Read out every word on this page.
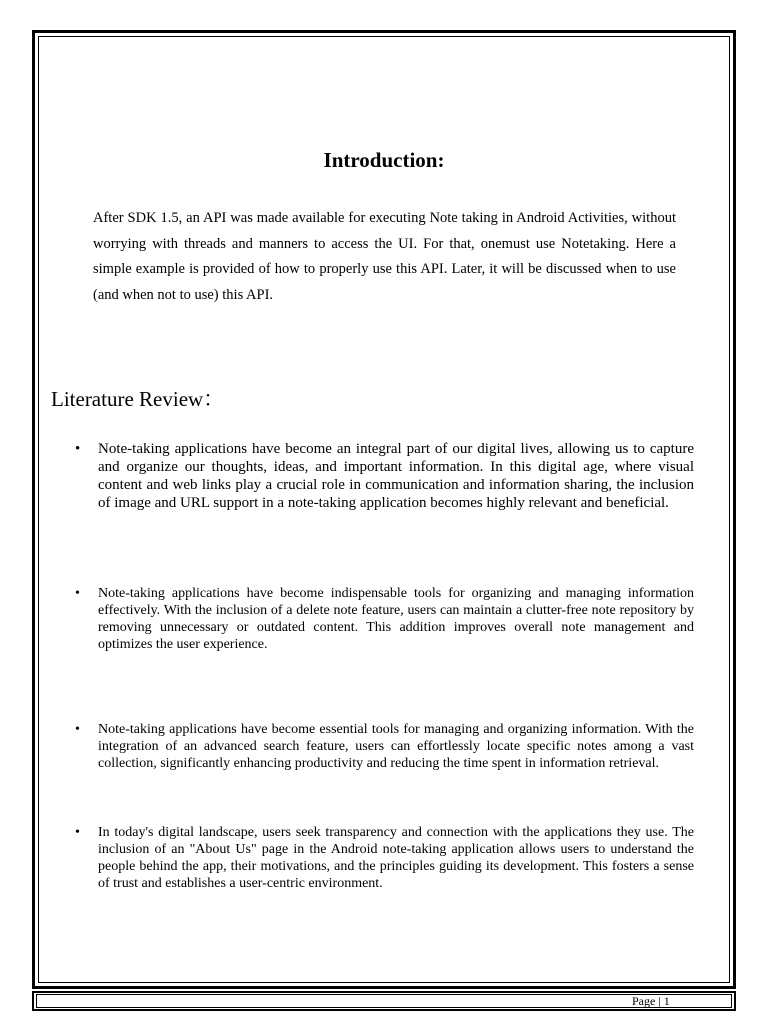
Introduction:

After SDK 1.5, an API was made available for executing Note taking in Android Activities, without worrying with threads and manners to access the UI. For that, onemust use Notetaking. Here a simple example is provided of how to properly use this API. Later, it will be discussed when to use (and when not to use) this API.

Literature Review：
• Note-taking applications have become an integral part of our digital lives, allowing us to capture and organize our thoughts, ideas, and important information. In this digital age, where visual content and web links play a crucial role in communication and information sharing, the inclusion of image and URL support in a note-taking application becomes highly relevant and beneficial.

• Note-taking applications have become indispensable tools for organizing and managing information effectively. With the inclusion of a delete note feature, users can maintain a clutter-free note repository by removing unnecessary or outdated content. This addition improves overall note management and optimizes the user experience.

• Note-taking applications have become essential tools for managing and organizing information. With the integration of an advanced search feature, users can effortlessly locate specific notes among a vast collection, significantly enhancing productivity and reducing the time spent in information retrieval.

• In today's digital landscape, users seek transparency and connection with the applications they use. The inclusion of an "About Us" page in the Android note-taking application allows users to understand the people behind the app, their motivations, and the principles guiding its development. This fosters a sense of trust and establishes a user-centric environment.

Page | 1
